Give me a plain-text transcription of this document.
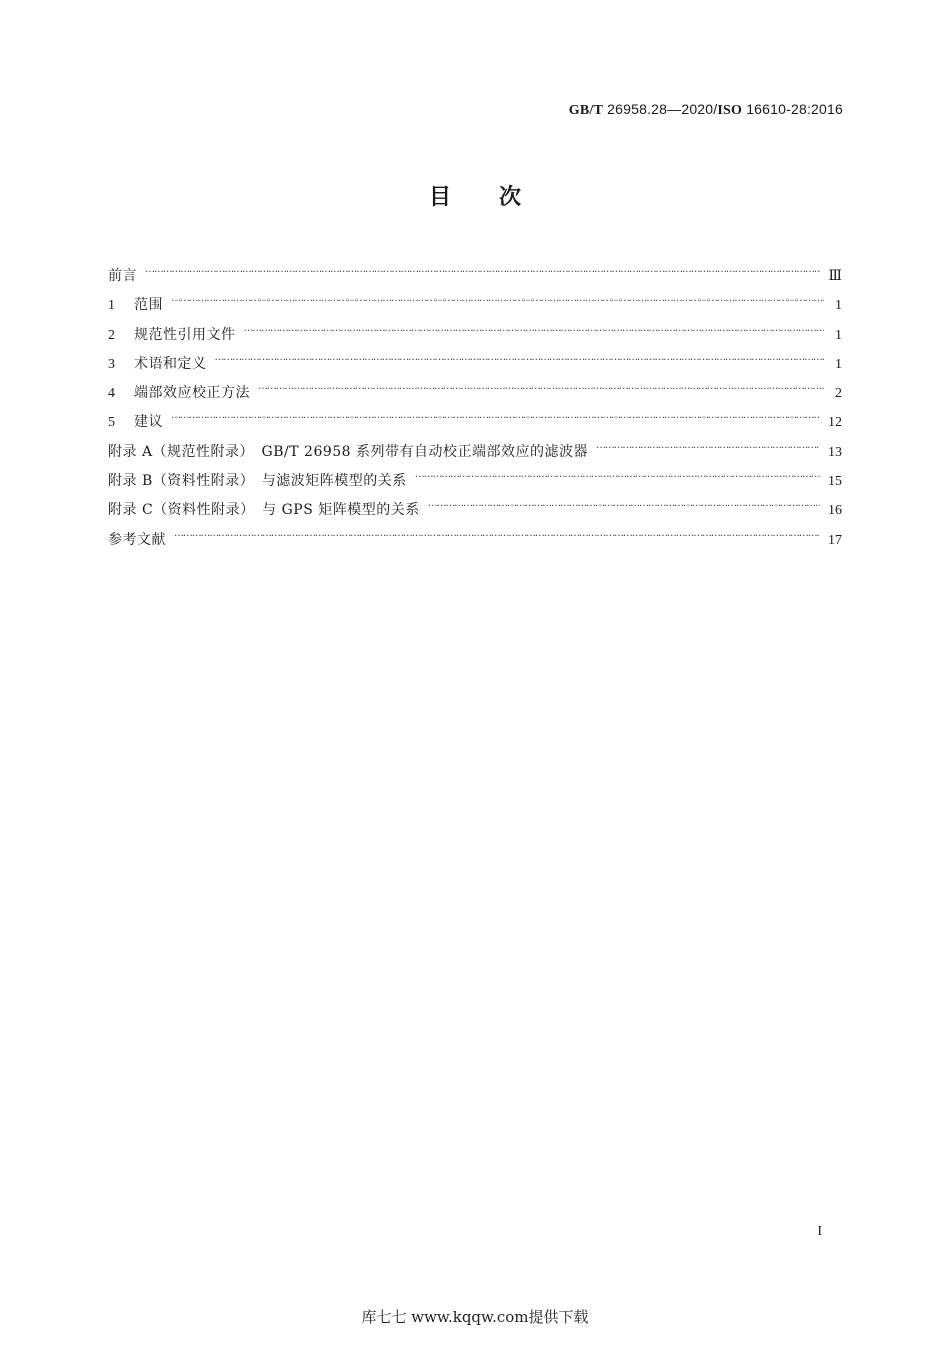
GB/T 26958.28—2020/ISO 16610-28:2016
目次
前言 ……………………………………………………………………………………………………………………………………………………………………………………………………………………………………	Ⅲ
1 范围 ……………………………………………………………………………………………………………………………………………………………………………………………………………………………………	1
2 规范性引用文件 ……………………………………………………………………………………………………………………………………………………………………………………………………………………………………	1
3 术语和定义 ……………………………………………………………………………………………………………………………………………………………………………………………………………………………………	1
4 端部效应校正方法 ……………………………………………………………………………………………………………………………………………………………………………………………………………………………………	2
5 建议 ……………………………………………………………………………………………………………………………………………………………………………………………………………………………………	12
附录 A（规范性附录）　GB/T 26958 系列带有自动校正端部效应的滤波器 ……………………………………………………………………………………………………………………………………………………………………………………………………………………………………	13
附录 B（资料性附录）　与滤波矩阵模型的关系 ……………………………………………………………………………………………………………………………………………………………………………………………………………………………………	15
附录 C（资料性附录）　与 GPS 矩阵模型的关系 ……………………………………………………………………………………………………………………………………………………………………………………………………………………………………	16
参考文献 ……………………………………………………………………………………………………………………………………………………………………………………………………………………………………	17
I
库七七 www.kqqw.com提供下载
